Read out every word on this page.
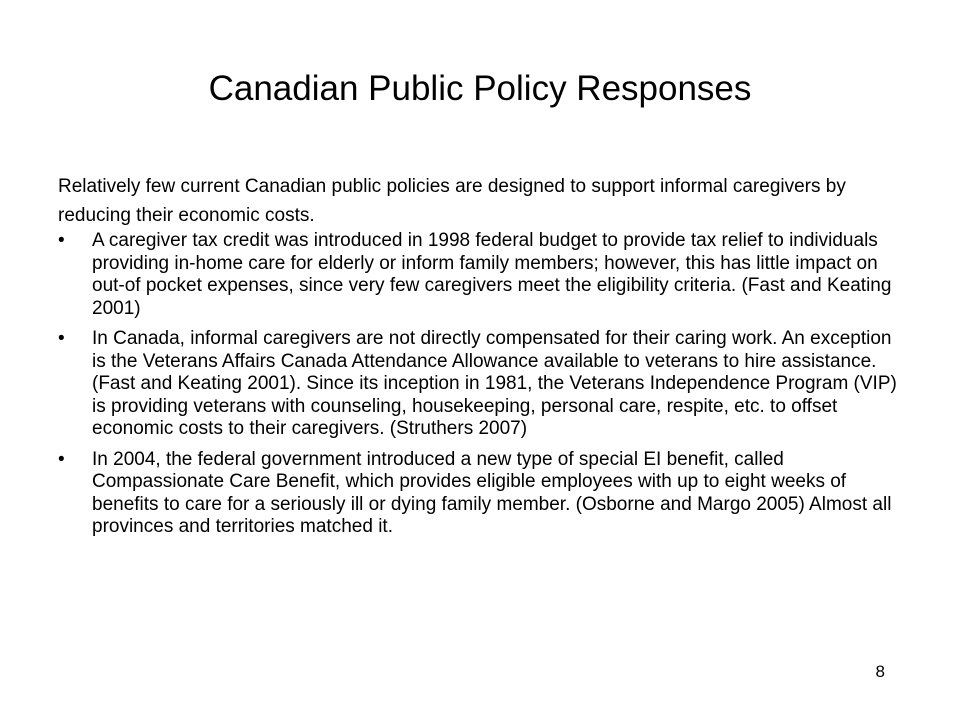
Canadian Public Policy Responses
Relatively few current Canadian public policies are designed to support informal caregivers by reducing their economic costs.
• A caregiver tax credit was introduced in 1998 federal budget to provide tax relief to individuals providing in-home care for elderly or inform family members; however, this has little impact on out-of pocket expenses, since very few caregivers meet the eligibility criteria. (Fast and Keating 2001)
• In Canada, informal caregivers are not directly compensated for their caring work. An exception is the Veterans Affairs Canada Attendance Allowance available to veterans to hire assistance. (Fast and Keating 2001). Since its inception in 1981, the Veterans Independence Program (VIP) is providing veterans with counseling, housekeeping, personal care, respite, etc. to offset economic costs to their caregivers. (Struthers 2007)
• In 2004, the federal government introduced a new type of special EI benefit, called Compassionate Care Benefit, which provides eligible employees with up to eight weeks of benefits to care for a seriously ill or dying family member. (Osborne and Margo 2005) Almost all provinces and territories matched it.
8
